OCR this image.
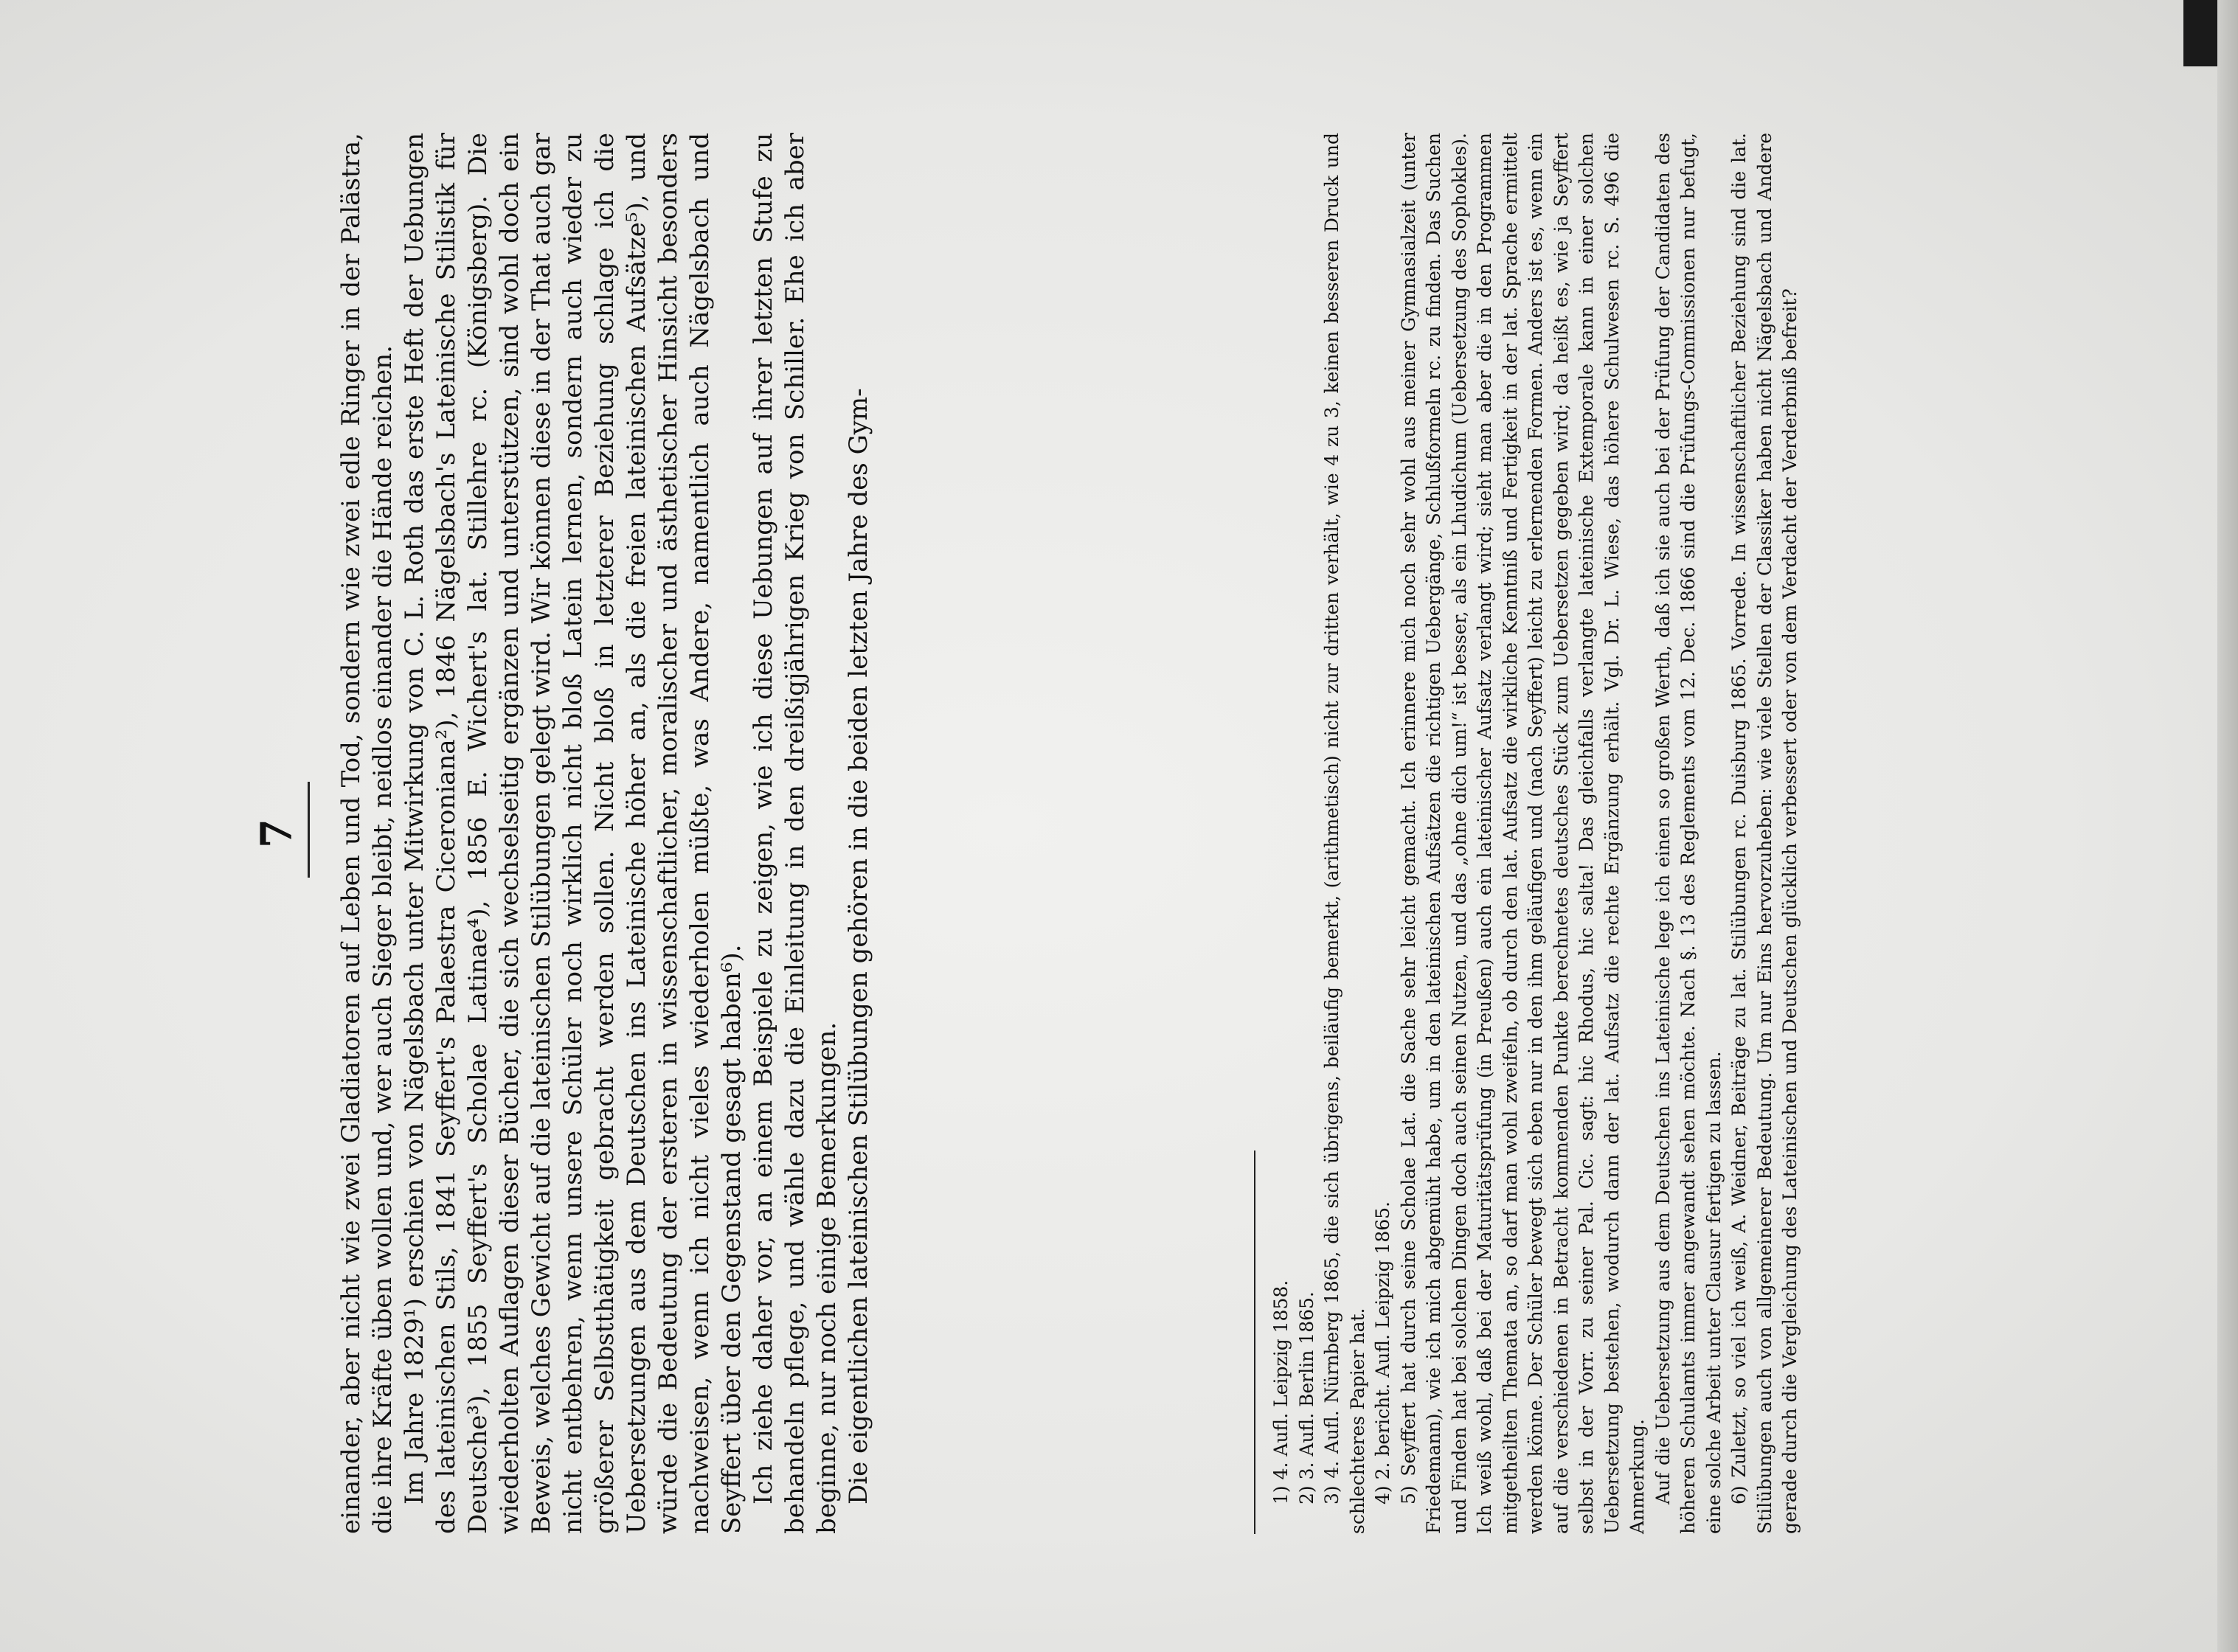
7 einander, aber nicht wie zwei Gladiatoren auf Leben und Tod, sondern wie zwei edle Ringer in der Palästra, die ihre Kräfte üben wollen und, wer auch Sieger bleibt, neidlos einander die Hände reichen. Im Jahre 1829¹) erschien von Nägelsbach unter Mitwirkung von C. L. Roth das erste Heft der Uebungen des lateinischen Stils, 1841 Seyffert's Palaestra Ciceroniana²), 1846 Nägelsbach's Lateinische Stilistik für Deutsche³), 1855 Seyffert's Scholae Latinae⁴), 1856 E. Wichert's lat. Stillehre rc. (Königsberg). Die wiederholten Auflagen dieser Bücher, die sich wechselseitig ergänzen und unterstützen, sind wohl doch ein Beweis, welches Gewicht auf die lateinischen Stilübungen gelegt wird. Wir können diese in der That auch gar nicht entbehren, wenn unsere Schüler noch wirklich nicht bloß Latein lernen, sondern auch wieder zu größerer Selbstthätigkeit gebracht werden sollen. Nicht bloß in letzterer Beziehung schlage ich die Uebersetzungen aus dem Deutschen ins Lateinische höher an, als die freien lateinischen Aufsätze⁵), und würde die Bedeutung der ersteren in wissenschaftlicher, moralischer und ästhetischer Hinsicht besonders nachweisen, wenn ich nicht vieles wiederholen müßte, was Andere, namentlich auch Nägelsbach und Seyffert über den Gegenstand gesagt haben⁶). Ich ziehe daher vor, an einem Beispiele zu zeigen, wie ich diese Uebungen auf ihrer letzten Stufe zu behandeln pflege, und wähle dazu die Einleitung in den dreißigjährigen Krieg von Schiller. Ehe ich aber beginne, nur noch einige Bemerkungen. Die eigentlichen lateinischen Stilübungen gehören in die beiden letzten Jahre des Gym-	1) 4. Aufl. Leipzig 1858. 2) 3. Aufl. Berlin 1865. 3) 4. Aufl. Nürnberg 1865, die sich übrigens, beiläufig bemerkt, (arithmetisch) nicht zur dritten verhält, wie 4 zu 3, keinen besseren Druck und schlechteres Papier hat. 4) 2. bericht. Aufl. Leipzig 1865. 5) Seyffert hat durch seine Scholae Lat. die Sache sehr leicht gemacht. Ich erinnere mich noch sehr wohl aus meiner Gymnasialzeit (unter Friedemann), wie ich mich abgemüht habe, um in den lateinischen Aufsätzen die richtigen Uebergänge, Schlußformeln rc. zu finden. Das Suchen und Finden hat bei solchen Dingen doch auch seinen Nutzen, und das „ohne dich um!“ ist besser, als ein Lhudichum (Uebersetzung des Sophokles). Ich weiß wohl, daß bei der Maturitätsprüfung (in Preußen) auch ein lateinischer Aufsatz verlangt wird; sieht man aber die in den Programmen mitgetheilten Themata an, so darf man wohl zweifeln, ob durch den lat. Aufsatz die wirkliche Kenntniß und Fertigkeit in der lat. Sprache ermittelt werden könne. Der Schüler bewegt sich eben nur in den ihm geläufigen und (nach Seyffert) leicht zu erlernenden Formen. Anders ist es, wenn ein auf die verschiedenen in Betracht kommenden Punkte berechnetes deutsches Stück zum Uebersetzen gegeben wird; da heißt es, wie ja Seyffert selbst in der Vorr. zu seiner Pal. Cic. sagt: hic Rhodus, hic salta! Das gleichfalls verlangte lateinische Extemporale kann in einer solchen Uebersetzung bestehen, wodurch dann der lat. Aufsatz die rechte Ergänzung erhält. Vgl. Dr. L. Wiese, das höhere Schulwesen rc. S. 496 die Anmerkung. Auf die Uebersetzung aus dem Deutschen ins Lateinische lege ich einen so großen Werth, daß ich sie auch bei der Prüfung der Candidaten des höheren Schulamts immer angewandt sehen möchte. Nach §. 13 des Reglements vom 12. Dec. 1866 sind die Prüfungs-Commissionen nur befugt, eine solche Arbeit unter Clausur fertigen zu lassen. 6) Zuletzt, so viel ich weiß, A. Weidner, Beiträge zu lat. Stilübungen rc. Duisburg 1865. Vorrede. In wissenschaftlicher Beziehung sind die lat. Stilübungen auch von allgemeinerer Bedeutung. Um nur Eins hervorzuheben: wie viele Stellen der Classiker haben nicht Nägelsbach und Andere gerade durch die Vergleichung des Lateinischen und Deutschen glücklich verbessert oder von dem Verdacht der Verderbniß befreit?
